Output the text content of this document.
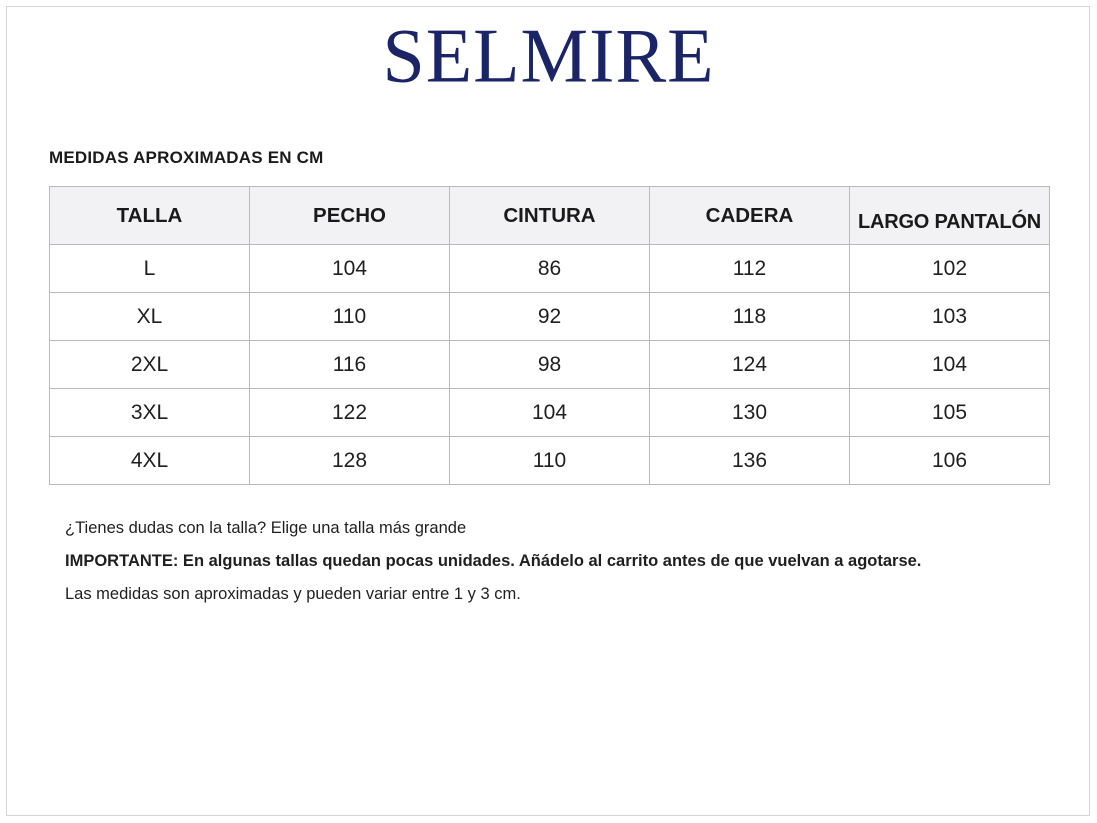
SELMIRE
MEDIDAS APROXIMADAS EN CM
TALLA	PECHO	CINTURA	CADERA	LARGO PANTALÓN
L	104	86	112	102
XL	110	92	118	103
2XL	116	98	124	104
3XL	122	104	130	105
4XL	128	110	136	106

¿Tienes dudas con la talla? Elige una talla más grande

IMPORTANTE: En algunas tallas quedan pocas unidades. Añádelo al carrito antes de que vuelvan a agotarse.

Las medidas son aproximadas y pueden variar entre 1 y 3 cm.
